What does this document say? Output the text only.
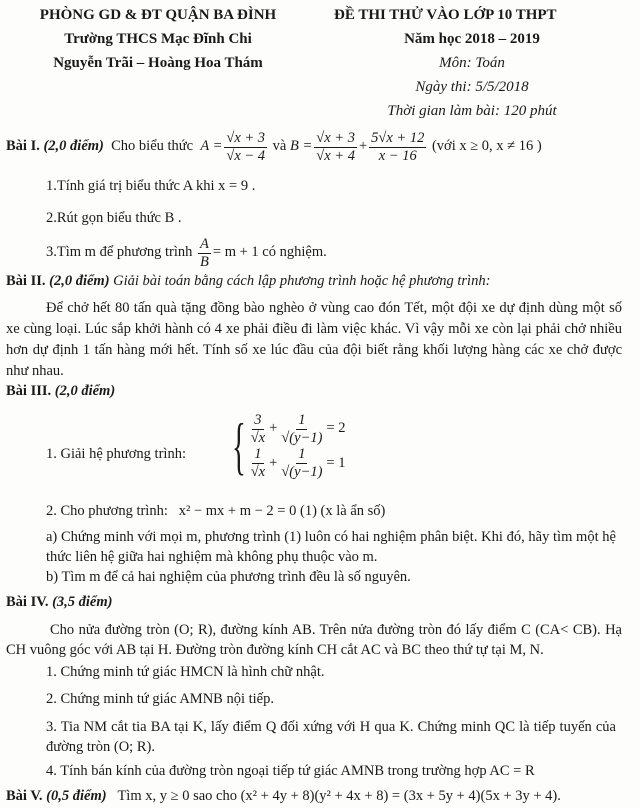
PHÒNG GD & ĐT QUẬN BA ĐÌNH
Trường THCS Mạc Đĩnh Chi
Nguyễn Trãi – Hoàng Hoa Thám
ĐỀ THI THỬ VÀO LỚP 10 THPT
Năm học 2018 – 2019
Môn: Toán
Ngày thi: 5/5/2018
Thời gian làm bài: 120 phút
Bài I.
(2,0 điểm)
Cho biểu thức
$A = \frac{√x + 3}{√x - 4}$
và
$B = \frac{√x + 3}{√x + 4} + \frac{5√x + 12}{x - 16}$
(với x ≥ 0, x ≠ 16 )
1.Tính giá trị biểu thức A khi x = 9 .
2.Rút gọn biểu thức B .
3.Tìm m để phương trình
$\frac{A}{B} = m + 1$ có nghiệm.
Bài II. (2,0 điểm) Giải bài toán bằng cách lập phương trình hoặc hệ phương trình:
Để chở hết 80 tấn quà tặng đồng bào nghèo ở vùng cao đón Tết, một đội xe dự định dùng một số xe cùng loại. Lúc sắp khởi hành có 4 xe phải điều đi làm việc khác. Vì vậy mỗi xe còn lại phải chở nhiều hơn dự định 1 tấn hàng mới hết. Tính số xe lúc đầu của đội biết rằng khối lượng hàng các xe chở được như nhau.
Bài III. (2,0 điểm)
1. Giải hệ phương trình: { $\frac{3}{√x} + \frac{1}{√(y-1)} = 2$
$\frac{1}{√x} + \frac{1}{√(y-1)} = 1$
2. Cho phương trình: x² − mx + m − 2 = 0 (1) (x là ẩn số)
a) Chứng minh với mọi m, phương trình (1) luôn có hai nghiệm phân biệt. Khi đó, hãy tìm một hệ thức liên hệ giữa hai nghiệm mà không phụ thuộc vào m.
b) Tìm m để cả hai nghiệm của phương trình đều là số nguyên.
Bài IV. (3,5 điểm)
Cho nửa đường tròn (O; R), đường kính AB. Trên nửa đường tròn đó lấy điểm C (CA< CB). Hạ CH vuông góc với AB tại H. Đường tròn đường kính CH cắt AC và BC theo thứ tự tại M, N.
1. Chứng minh tứ giác HMCN là hình chữ nhật.
2. Chứng minh tứ giác AMNB nội tiếp.
3. Tia NM cắt tia BA tại K, lấy điểm Q đối xứng với H qua K. Chứng minh QC là tiếp tuyến của đường tròn (O; R).
4. Tính bán kính của đường tròn ngoại tiếp tứ giác AMNB trong trường hợp AC = R
Bài V. (0,5 điểm) Tìm x, y ≥ 0 sao cho (x² + 4y + 8)(y² + 4x + 8) = (3x + 5y + 4)(5x + 3y + 4).
